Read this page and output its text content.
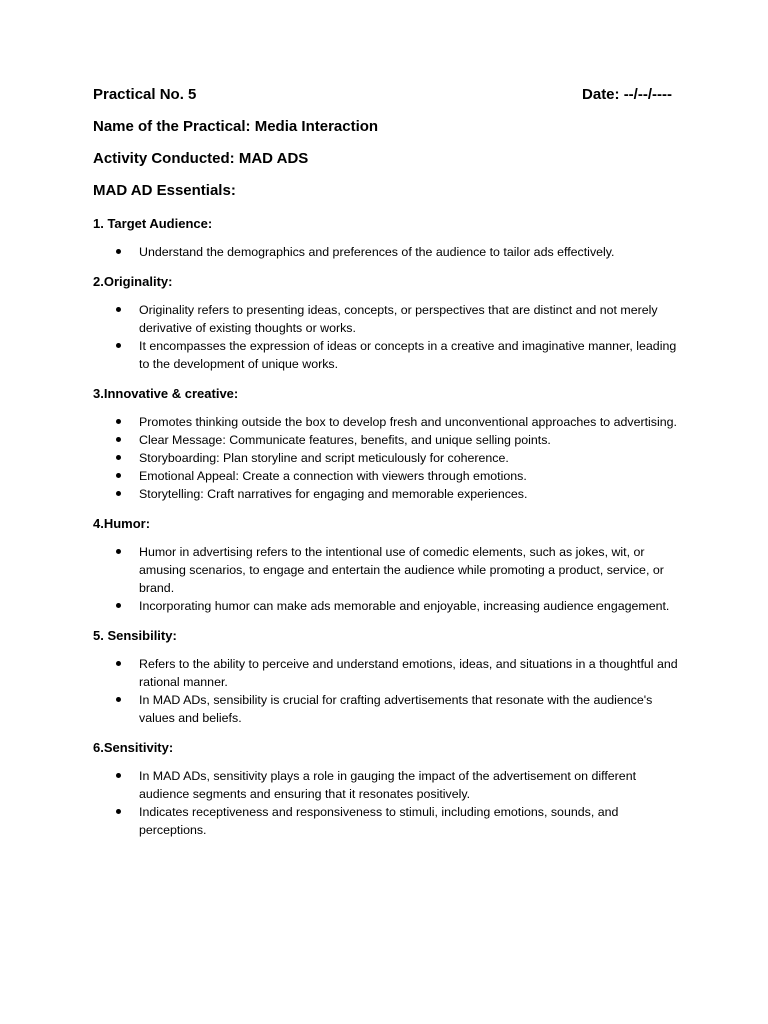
Practical No. 5	Date: --/--/----
Name of the Practical: Media Interaction
Activity Conducted: MAD ADS
MAD AD Essentials:
1. Target Audience:
Understand the demographics and preferences of the audience to tailor ads effectively.
2.Originality:
Originality refers to presenting ideas, concepts, or perspectives that are distinct and not merely derivative of existing thoughts or works.
It encompasses the expression of ideas or concepts in a creative and imaginative manner, leading to the development of unique works.
3.Innovative & creative:
Promotes thinking outside the box to develop fresh and unconventional approaches to advertising.
Clear Message: Communicate features, benefits, and unique selling points.
Storyboarding: Plan storyline and script meticulously for coherence.
Emotional Appeal: Create a connection with viewers through emotions.
Storytelling: Craft narratives for engaging and memorable experiences.
4.Humor:
Humor in advertising refers to the intentional use of comedic elements, such as jokes, wit, or amusing scenarios, to engage and entertain the audience while promoting a product, service, or brand.
Incorporating humor can make ads memorable and enjoyable, increasing audience engagement.
5. Sensibility:
Refers to the ability to perceive and understand emotions, ideas, and situations in a thoughtful and rational manner.
In MAD ADs, sensibility is crucial for crafting advertisements that resonate with the audience's values and beliefs.
6.Sensitivity:
In MAD ADs, sensitivity plays a role in gauging the impact of the advertisement on different audience segments and ensuring that it resonates positively.
Indicates receptiveness and responsiveness to stimuli, including emotions, sounds, and perceptions.
